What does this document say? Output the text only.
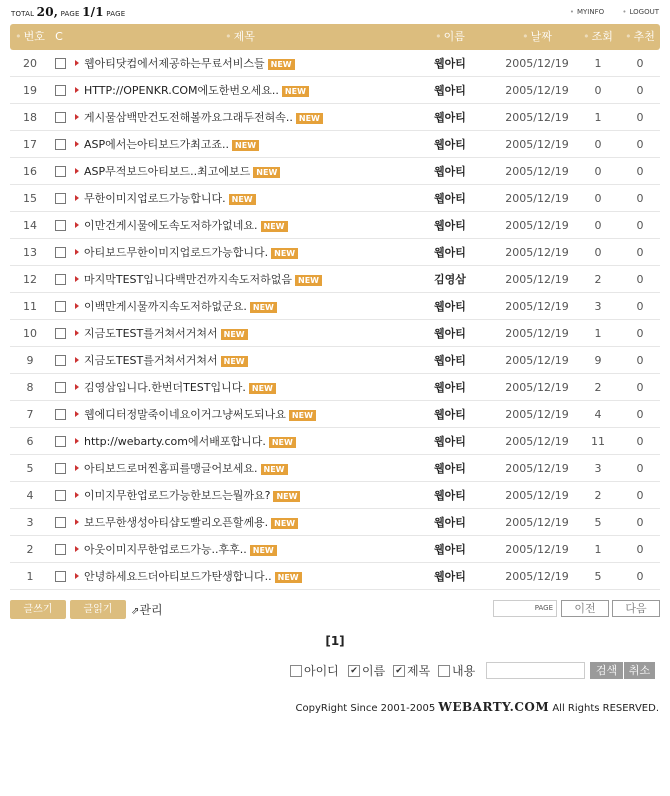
TOTAL 20, PAGE 1/1 PAGE	• MYINFO	• LOGOUT
• 번호 C	• 제목	• 이름	• 날짜	• 조회	• 추천
20	웹아티닷컴에서제공하는무료서비스들 NEW	웹아티	2005/12/19	1	0
19	HTTP://OPENKR.COM에도한번오세요.. NEW	웹아티	2005/12/19	0	0
18	게시물삼백만건도전해볼까요그래두전혀속.. NEW	웹아티	2005/12/19	1	0
17	ASP에서는아티보드가최고죠.. NEW	웹아티	2005/12/19	0	0
16	ASP무적보드아티보드..최고에보드 NEW	웹아티	2005/12/19	0	0
15	무한이미지업로드가능합니다. NEW	웹아티	2005/12/19	0	0
14	이만건게시물에도속도저하가없네요. NEW	웹아티	2005/12/19	0	0
13	아티보드무한이미지업로드가능합니다. NEW	웹아티	2005/12/19	0	0
12	마지막TEST입니다백만건까지속도저하없음 NEW	김영삼	2005/12/19	2	0
11	이백만게시물까지속도저하없군요. NEW	웹아티	2005/12/19	3	0
10	지금도TEST를거쳐서거쳐서 NEW	웹아티	2005/12/19	1	0
9	지금도TEST를거쳐서거쳐서 NEW	웹아티	2005/12/19	9	0
8	김영삼입니다.한번더TEST입니다. NEW	웹아티	2005/12/19	2	0
7	웹에디터정말죽이네요이거그냥써도되나요 NEW	웹아티	2005/12/19	4	0
6	http://webarty.com에서배포합니다. NEW	웹아티	2005/12/19	11	0
5	아티보드로머찐홈피를맹글어보세요. NEW	웹아티	2005/12/19	3	0
4	이미지무한업로드가능한보드는뭘까요? NEW	웹아티	2005/12/19	2	0
3	보드무한생성아티샵도빨리오픈할께용. NEW	웹아티	2005/12/19	5	0
2	아웃이미지무한업로드가능..후후.. NEW	웹아티	2005/12/19	1	0
1	안녕하세요드더아티보드가탄생합니다.. NEW	웹아티	2005/12/19	5	0
글쓰기	글읽기	⇗관리	PAGE	이전	다음
[1]
아이디 ✔ 이름 ✔ 제목	내용	검색	취소
CopyRight Since 2001-2005 WEBARTY.COM All Rights RESERVED.
